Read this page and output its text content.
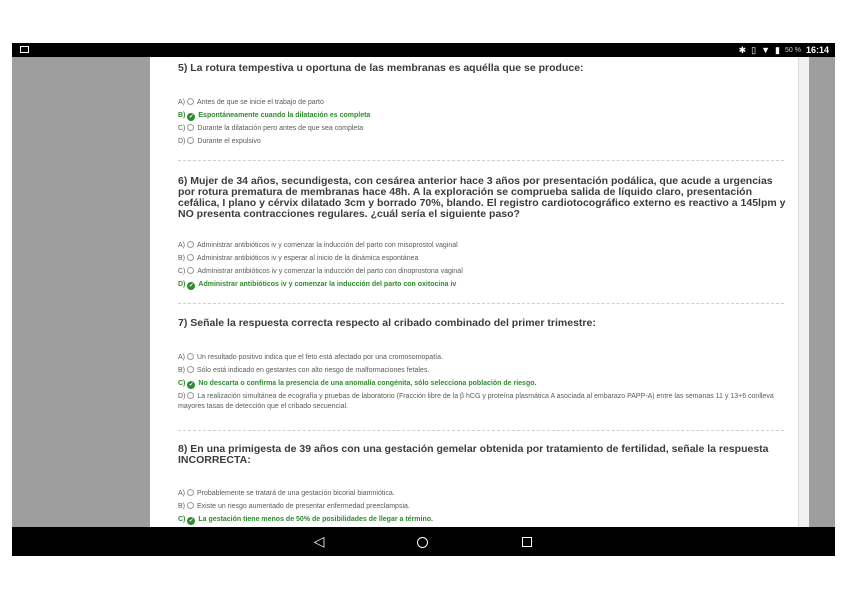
✱ ▯ ▼ ▮ 50 % 16:14
5) La rotura tempestiva u oportuna de las membranas es aquélla que se produce:
A) Antes de que se inicie el trabajo de parto
B) ✓ Espontáneamente cuando la dilatación es completa
C) Durante la dilatación pero antes de que sea completa
D) Durante el expulsivo
6) Mujer de 34 años, secundigesta, con cesárea anterior hace 3 años por presentación podálica, que acude a urgencias por rotura prematura de membranas hace 48h. A la exploración se comprueba salida de líquido claro, presentación cefálica, I plano y cérvix dilatado 3cm y borrado 70%, blando. El registro cardiotocográfico externo es reactivo a 145lpm y NO presenta contracciones regulares. ¿cuál sería el siguiente paso?
A) Administrar antibióticos iv y comenzar la inducción del parto con misoprostol vaginal
B) Administrar antibióticos iv y esperar al inicio de la dinámica espontánea
C) Administrar antibióticos iv y comenzar la inducción del parto con dinoprostona vaginal
D) ✓ Administrar antibióticos iv y comenzar la inducción del parto con oxitocina iv
7) Señale la respuesta correcta respecto al cribado combinado del primer trimestre:
A) Un resultado positivo indica que el feto está afectado por una cromosomopatía.
B) Sólo está indicado en gestantes con alto riesgo de malformaciones fetales.
C) ✓ No descarta o confirma la presencia de una anomalía congénita, sólo selecciona población de riesgo.
D) La realización simultánea de ecografía y pruebas de laboratorio (Fracción libre de la β hCG y proteína plasmática A asociada al embarazo PAPP-A) entre las semanas 11 y 13+6 conlleva mayores tasas de detección que el cribado secuencial.
8) En una primigesta de 39 años con una gestación gemelar obtenida por tratamiento de fertilidad, señale la respuesta INCORRECTA:
A) Probablemente se tratará de una gestación bicorial biamniótica.
B) Existe un riesgo aumentado de presentar enfermedad preeclampsia.
C) ✓ La gestación tiene menos de 50% de posibilidades de llegar a término.
◁
